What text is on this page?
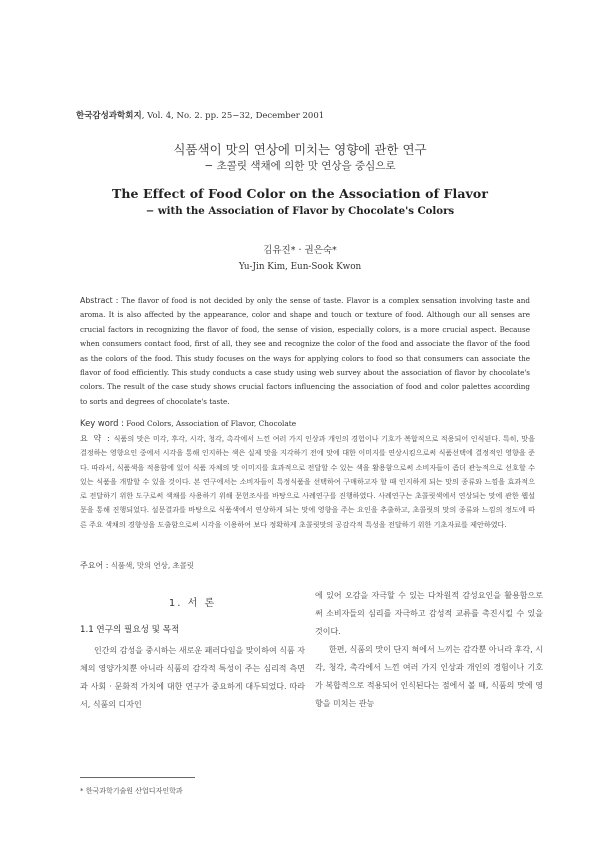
한국감성과학회지, Vol. 4, No. 2. pp. 25−32, December 2001
식품색이 맛의 연상에 미치는 영향에 관한 연구
− 초콜릿 색채에 의한 맛 연상을 중심으로
The Effect of Food Color on the Association of Flavor
− with the Association of Flavor by Chocolate's Colors
김유진* · 권은숙*
Yu-Jin Kim, Eun-Sook Kwon
Abstract : The flavor of food is not decided by only the sense of taste. Flavor is a complex sensation involving taste and aroma. It is also affected by the appearance, color and shape and touch or texture of food. Although our all senses are crucial factors in recognizing the flavor of food, the sense of vision, especially colors, is a more crucial aspect. Because when consumers contact food, first of all, they see and recognize the color of the food and associate the flavor of the food as the colors of the food. This study focuses on the ways for applying colors to food so that consumers can associate the flavor of food efficiently. This study conducts a case study using web survey about the association of flavor by chocolate's colors. The result of the case study shows crucial factors influencing the association of food and color palettes according to sorts and degrees of chocolate's taste.
Key word : Food Colors, Association of Flavor, Chocolate
요 약 : 식품의 맛은 미각, 후각, 시각, 청각, 촉각에서 느낀 여러 가지 인상과 개인의 경험이나 기호가 복합적으로 적용되어 인식된다. 특히, 맛을 결정하는 영향요인 중에서 시각을 통해 인지하는 색은 실제 맛을 지각하기 전에 맛에 대한 이미지를 연상시킴으로써 식품선택에 결정적인 영향을 준다. 따라서, 식품색을 적용함에 있어 식품 자체의 맛 이미지를 효과적으로 전달할 수 있는 색을 활용함으로써 소비자들이 좀더 관능적으로 선호할 수 있는 식품을 개발할 수 있을 것이다. 본 연구에서는 소비자들이 특정식품을 선택하여 구매하고자 할 때 인지하게 되는 맛의 종류와 느낌을 효과적으로 전달하기 위한 도구로써 색채를 사용하기 위해 문헌조사를 바탕으로 사례연구를 진행하였다. 사례연구는 초콜릿색에서 연상되는 맛에 관한 웹설문을 통해 진행되었다. 설문결과를 바탕으로 식품색에서 연상하게 되는 맛에 영향을 주는 요인을 추출하고, 초콜릿의 맛의 종류와 느낌의 정도에 따른 주요 색채의 경향성을 도출함으로써 시각을 이용하여 보다 정확하게 초콜릿맛의 공감각적 특성을 전달하기 위한 기초자료를 제안하였다.
주요어 : 식품색, 맛의 연상, 초콜릿
1. 서 론
1.1 연구의 필요성 및 목적

인간의 감성을 중시하는 새로운 패러다임을 맞이하여 식품 자체의 영양가치뿐 아니라 식품의 감각적 특성이 주는 심리적 측면과 사회 · 문화적 가치에 대한 연구가 중요하게 대두되었다. 따라서, 식품의 디자인

에 있어 오감을 자극할 수 있는 다차원적 감성요인을 활용함으로써 소비자들의 심리를 자극하고 감성적 교류를 촉진시킬 수 있을 것이다.

한편, 식품의 맛이 단지 혀에서 느끼는 감각뿐 아니라 후각, 시각, 청각, 촉각에서 느낀 여러 가지 인상과 개인의 경험이나 기호가 복합적으로 적용되어 인식된다는 점에서 볼 때, 식품의 맛에 영향을 미치는 관능

* 한국과학기술원 산업디자인학과
